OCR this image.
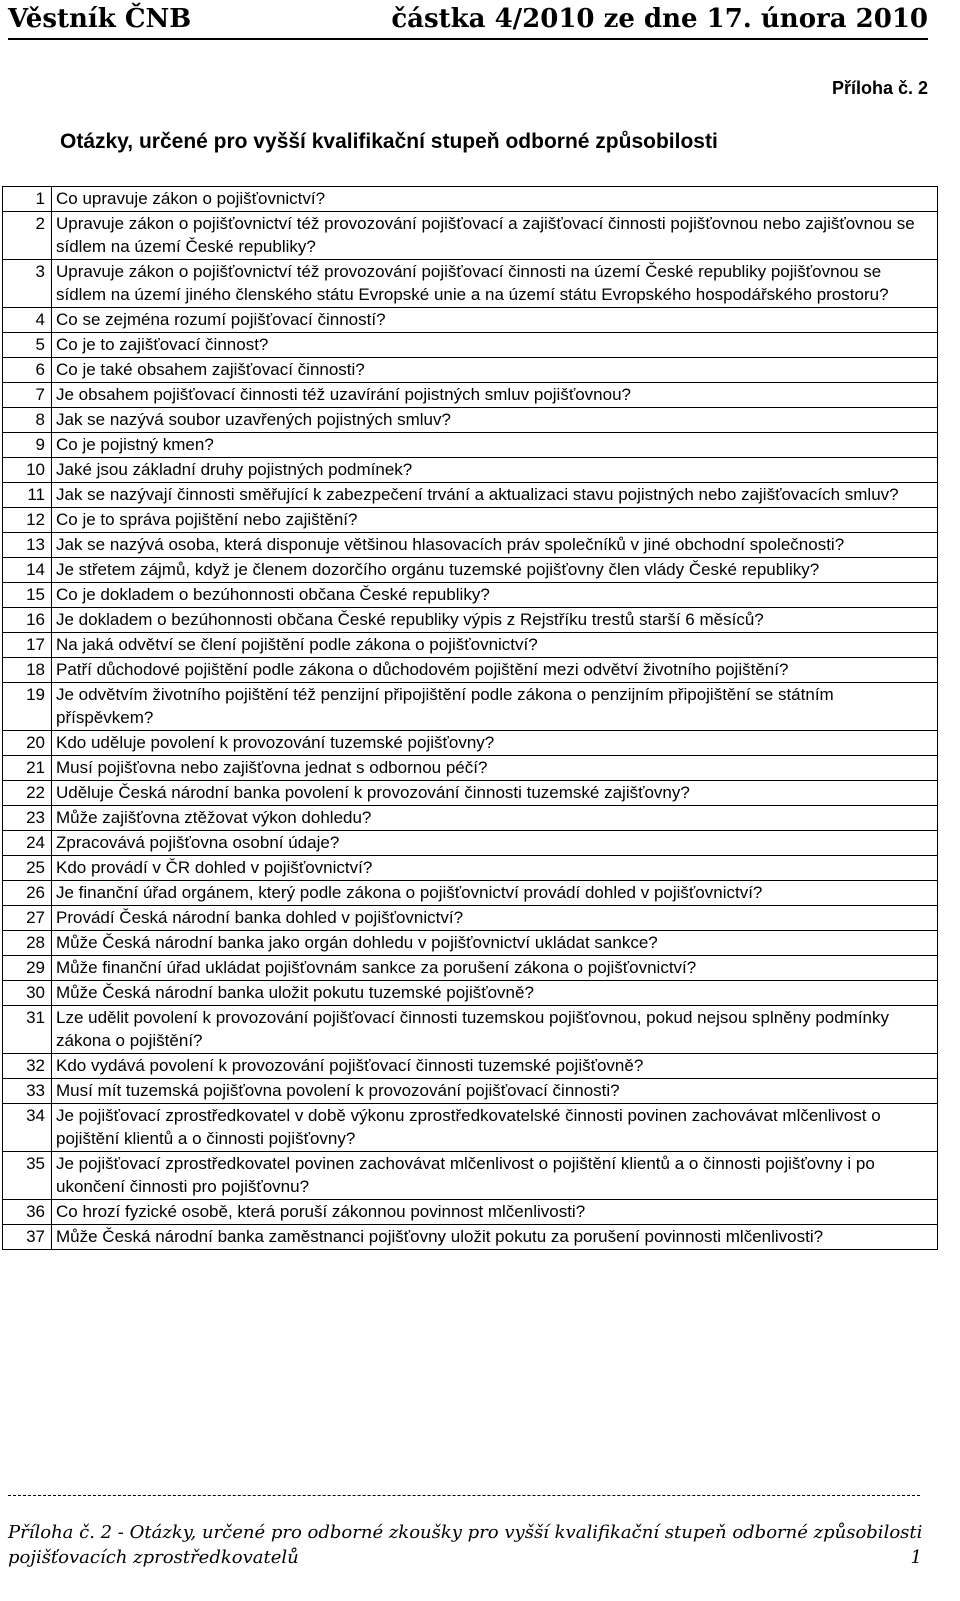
Věstník ČNB	částka 4/2010 ze dne 17. února 2010
Příloha č. 2
Otázky, určené pro vyšší kvalifikační stupeň odborné způsobilosti
1	Co upravuje zákon o pojišťovnictví?
2	Upravuje zákon o pojišťovnictví též provozování pojišťovací a zajišťovací činnosti pojišťovnou nebo zajišťovnou se sídlem na území České republiky?
3	Upravuje zákon o pojišťovnictví též provozování pojišťovací činnosti na území České republiky pojišťovnou se sídlem na území jiného členského státu Evropské unie a na území státu Evropského hospodářského prostoru?
4	Co se zejména rozumí pojišťovací činností?
5	Co je to zajišťovací činnost?
6	Co je také obsahem zajišťovací činnosti?
7	Je obsahem pojišťovací činnosti též uzavírání pojistných smluv pojišťovnou?
8	Jak se nazývá soubor uzavřených pojistných smluv?
9	Co je pojistný kmen?
10	Jaké jsou základní druhy pojistných podmínek?
11	Jak se nazývají činnosti směřující k zabezpečení trvání a aktualizaci stavu pojistných nebo zajišťovacích smluv?
12	Co je to správa pojištění nebo zajištění?
13	Jak se nazývá osoba, která disponuje většinou hlasovacích práv společníků v jiné obchodní společnosti?
14	Je střetem zájmů, když je členem dozorčího orgánu tuzemské pojišťovny člen vlády České republiky?
15	Co je dokladem o bezúhonnosti občana České republiky?
16	Je dokladem o bezúhonnosti občana České republiky výpis z Rejstříku trestů starší 6 měsíců?
17	Na jaká odvětví se člení pojištění podle zákona o pojišťovnictví?
18	Patří důchodové pojištění podle zákona o důchodovém pojištění mezi odvětví životního pojištění?
19	Je odvětvím životního pojištění též penzijní připojištění podle zákona o penzijním připojištění se státním příspěvkem?
20	Kdo uděluje povolení k provozování tuzemské pojišťovny?
21	Musí pojišťovna nebo zajišťovna jednat s odbornou péčí?
22	Uděluje Česká národní banka povolení k provozování činnosti tuzemské zajišťovny?
23	Může zajišťovna ztěžovat výkon dohledu?
24	Zpracovává pojišťovna osobní údaje?
25	Kdo provádí v ČR dohled v pojišťovnictví?
26	Je finanční úřad orgánem, který podle zákona o pojišťovnictví provádí dohled v pojišťovnictví?
27	Provádí Česká národní banka dohled v pojišťovnictví?
28	Může Česká národní banka jako orgán dohledu v pojišťovnictví ukládat sankce?
29	Může finanční úřad ukládat pojišťovnám sankce za porušení zákona o pojišťovnictví?
30	Může Česká národní banka uložit pokutu tuzemské pojišťovně?
31	Lze udělit povolení k provozování pojišťovací činnosti tuzemskou pojišťovnou, pokud nejsou splněny podmínky zákona o pojištění?
32	Kdo vydává povolení k provozování pojišťovací činnosti tuzemské pojišťovně?
33	Musí mít tuzemská pojišťovna povolení k provozování pojišťovací činnosti?
34	Je pojišťovací zprostředkovatel v době výkonu zprostředkovatelské činnosti povinen zachovávat mlčenlivost o pojištění klientů a o činnosti pojišťovny?
35	Je pojišťovací zprostředkovatel povinen zachovávat mlčenlivost o pojištění klientů a o činnosti pojišťovny i po ukončení činnosti pro pojišťovnu?
36	Co hrozí fyzické osobě, která poruší zákonnou povinnost mlčenlivosti?
37	Může Česká národní banka zaměstnanci pojišťovny uložit pokutu za porušení povinnosti mlčenlivosti?
Příloha č. 2 - Otázky, určené pro odborné zkoušky pro vyšší kvalifikační stupeň odborné způsobilosti pojišťovacích zprostředkovatelů	1
